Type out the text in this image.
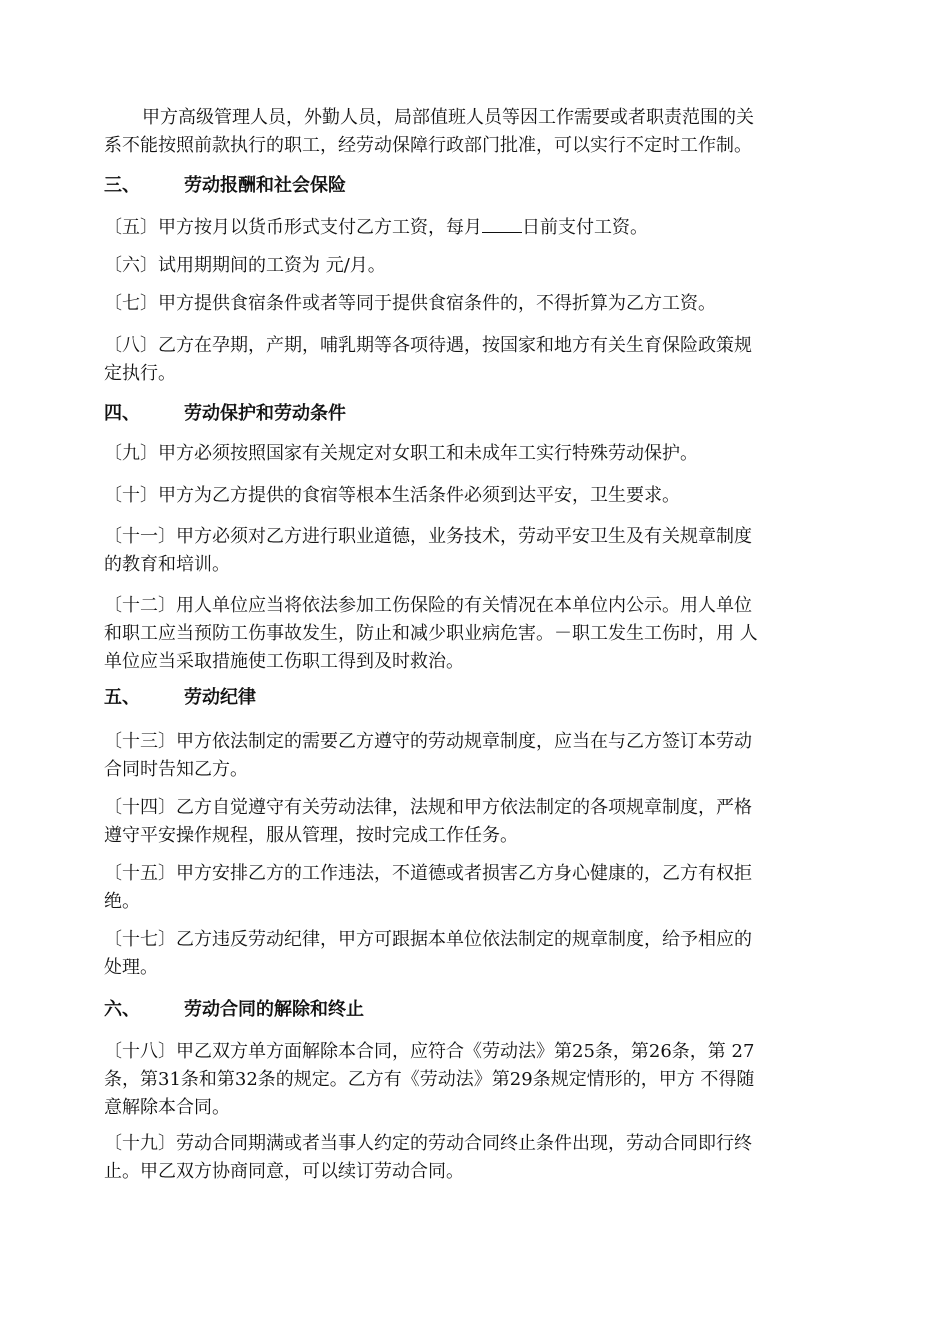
甲方高级管理人员，外勤人员，局部值班人员等因工作需要或者职责范围的关
系不能按照前款执行的职工，经劳动保障行政部门批准，可以实行不定时工作制。
三、	劳动报酬和社会保险
〔五〕甲方按月以货币形式支付乙方工资，每月 日前支付工资。
〔六〕试用期期间的工资为 元/月。
〔七〕甲方提供食宿条件或者等同于提供食宿条件的，不得折算为乙方工资。
〔八〕乙方在孕期，产期，哺乳期等各项待遇，按国家和地方有关生育保险政策规
定执行。
四、	劳动保护和劳动条件
〔九〕甲方必须按照国家有关规定对女职工和未成年工实行特殊劳动保护。
〔十〕甲方为乙方提供的食宿等根本生活条件必须到达平安，卫生要求。
〔十一〕甲方必须对乙方进行职业道德，业务技术，劳动平安卫生及有关规章制度
的教育和培训。
〔十二〕用人单位应当将依法参加工伤保险的有关情况在本单位内公示。用人单位
和职工应当预防工伤事故发生，防止和减少职业病危害。－职工发生工伤时，用 人
单位应当采取措施使工伤职工得到及时救治。
五、	劳动纪律
〔十三〕甲方依法制定的需要乙方遵守的劳动规章制度，应当在与乙方签订本劳动
合同时告知乙方。
〔十四〕乙方自觉遵守有关劳动法律，法规和甲方依法制定的各项规章制度，严格
遵守平安操作规程，服从管理，按时完成工作任务。
〔十五〕甲方安排乙方的工作违法，不道德或者损害乙方身心健康的，乙方有权拒
绝。
〔十七〕乙方违反劳动纪律，甲方可跟据本单位依法制定的规章制度，给予相应的
处理。
六、	劳动合同的解除和终止
〔十八〕甲乙双方单方面解除本合同，应符合《劳动法》第25条，第26条，第 27
条，第31条和第32条的规定。乙方有《劳动法》第29条规定情形的，甲方 不得随
意解除本合同。
〔十九〕劳动合同期满或者当事人约定的劳动合同终止条件出现，劳动合同即行终
止。甲乙双方协商同意，可以续订劳动合同。
